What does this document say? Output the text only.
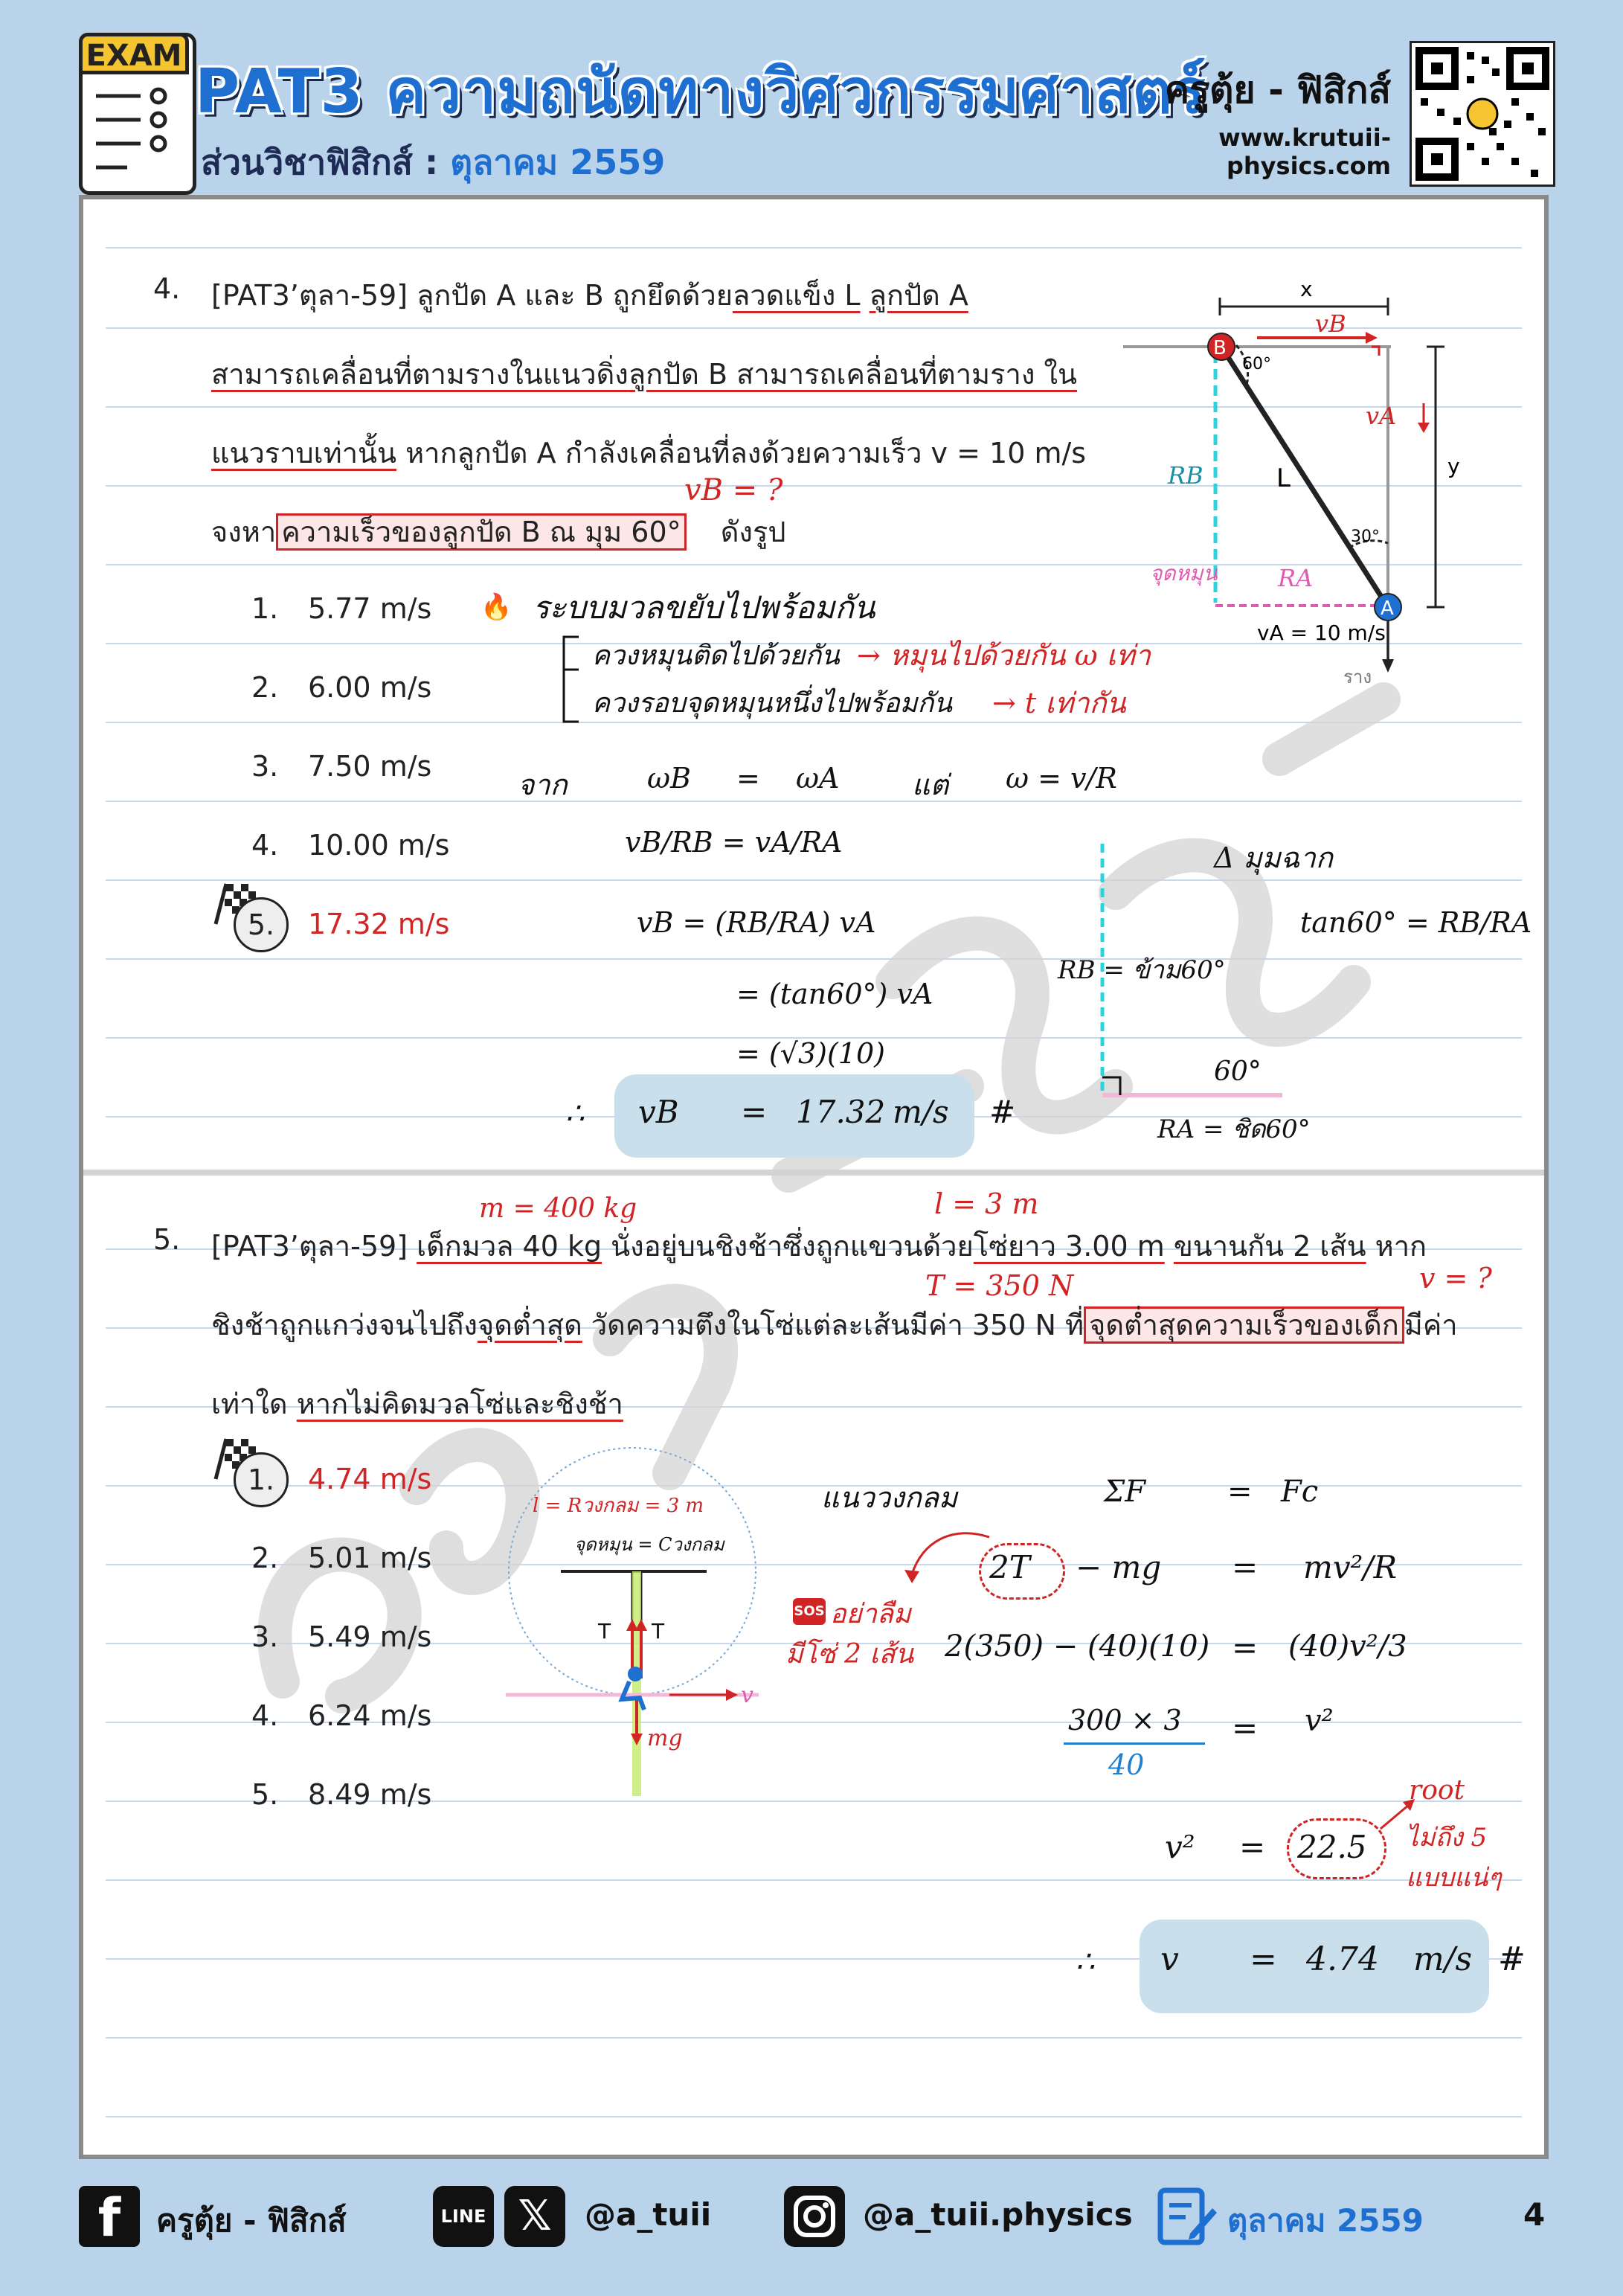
EXAM
PAT3 ความถนัดทางวิศวกรรมศาสตร์
ส่วนวิชาฟิสิกส์ : ตุลาคม 2559
ครูตุ้ย - ฟิสิกส์
www.krutuii-physics.com
4. [PAT3’ตุลา-59] ลูกปัด A และ B ถูกยึดด้วยลวดแข็ง L ลูกปัด A
สามารถเคลื่อนที่ตามรางในแนวดิ่งลูกปัด B สามารถเคลื่อนที่ตามราง ใน
แนวราบเท่านั้น หากลูกปัด A กำลังเคลื่อนที่ลงด้วยความเร็ว v = 10 m/s
จงหา ความเร็วของลูกปัด B ณ มุม 60° ดังรูป
1. 5.77 m/s
2. 6.00 m/s
3. 7.50 m/s
4. 10.00 m/s
5.	17.32 m/s
x
y
L
B
A
60°
30°
vA = 10 m/s
ราง
vB
vA
RB
RA
จุดหมุน
vB = ?
🔥 ระบบมวลขยับไปพร้อมกัน
ควงหมุนติดไปด้วยกัน → หมุนไปด้วยกัน ω เท่า
ควงรอบจุดหมุนหนึ่งไปพร้อมกัน → t เท่ากัน
จาก	ωB = ωA	แต่ ω = v/R
vB/RB = vA/RA
vB = (RB/RA) vA
= (tan60°) vA
= (√3)(10)
∴ vB = 17.32 m/s #
Δ มุมฉาก
tan60° = RB/RA
RB = ข้าม60°
60°
RA = ชิด60°
m = 400 kg	l = 3 m
T = 350 N	v = ?
5. [PAT3’ตุลา-59] เด็กมวล 40 kg นั่งอยู่บนชิงช้าซึ่งถูกแขวนด้วยโซ่ยาว 3.00 m ขนานกัน 2 เส้น หาก
ชิงช้าถูกแกว่งจนไปถึงจุดต่ำสุด วัดความตึงในโซ่แต่ละเส้นมีค่า 350 N ที่ จุดต่ำสุดความเร็วของเด็ก มีค่า
เท่าใด หากไม่คิดมวลโซ่และชิงช้า
1.	4.74 m/s
2. 5.01 m/s
3. 5.49 m/s
4. 6.24 m/s
5. 8.49 m/s
l = Rวงกลม = 3 m
จุดหมุน = Cวงกลม
T T
v
mg
แนววงกลม	ΣF	= Fc
2T − mg = mv²/R
SOS อย่าลืม
มีโซ่ 2 เส้น 2(350) − (40)(10) = (40)v²/3
300 × 3
40
= v²
v² = 22.5
root
ไม่ถึง 5
แบบแน่ๆ
∴ v = 4.74 m/s #
f	ครูตุ้ย - ฟิสิกส์	LINE 𝕏	@a_tuii	@a_tuii.physics	ตุลาคม 2559	4
